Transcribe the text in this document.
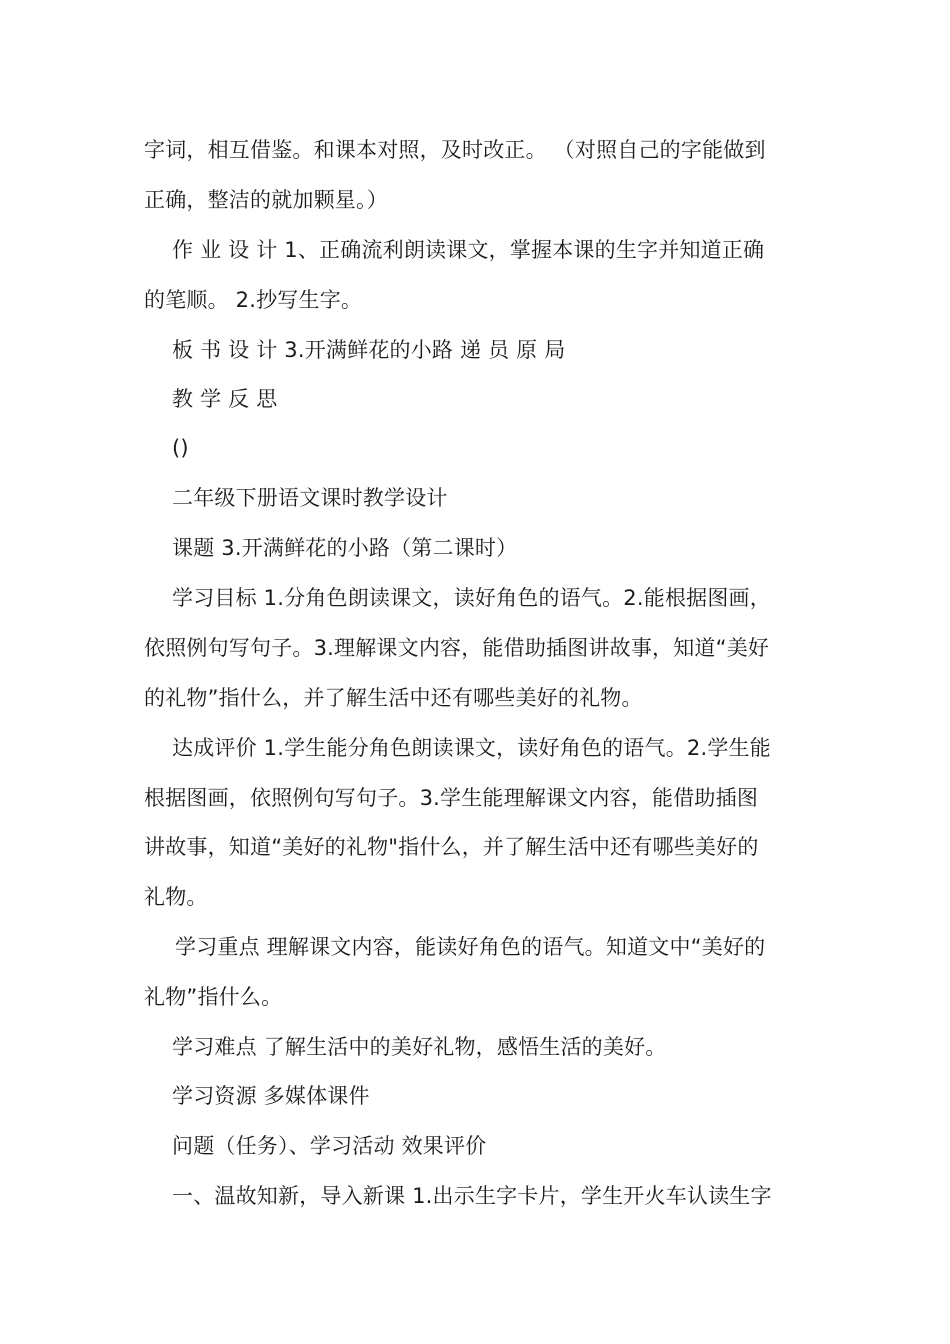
字词，相互借鉴。和课本对照，及时改正。 （对照自己的字能做到
正确，整洁的就加颗星。）
作 业 设 计 1、正确流利朗读课文，掌握本课的生字并知道正确
的笔顺。 2.抄写生字。
板 书 设 计 3.开满鲜花的小路 递 员 原 局
教 学 反 思
()
二年级下册语文课时教学设计
课题 3.开满鲜花的小路（第二课时）
学习目标 1.分角色朗读课文，读好角色的语气。2.能根据图画，
依照例句写句子。3.理解课文内容，能借助插图讲故事，知道“美好
的礼物”指什么，并了解生活中还有哪些美好的礼物。
达成评价 1.学生能分角色朗读课文，读好角色的语气。2.学生能
根据图画，依照例句写句子。3.学生能理解课文内容，能借助插图
讲故事，知道“美好的礼物"指什么，并了解生活中还有哪些美好的
礼物。
学习重点 理解课文内容，能读好角色的语气。知道文中“美好的
礼物”指什么。
学习难点 了解生活中的美好礼物，感悟生活的美好。
学习资源 多媒体课件
问题（任务）、学习活动 效果评价
一、温故知新，导入新课 1.出示生字卡片，学生开火车认读生字
